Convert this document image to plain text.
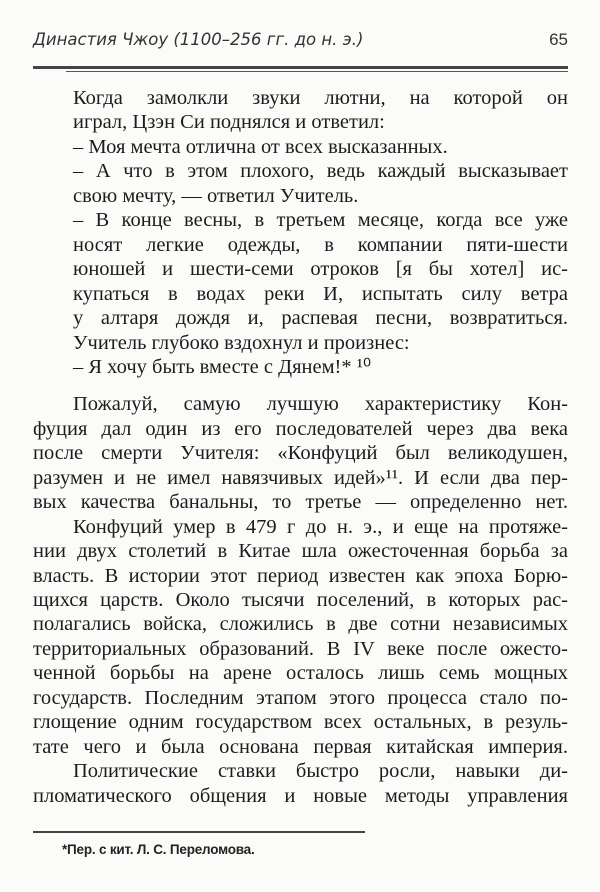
Династия Чжоу (1100–256 гг. до н. э.)	65
Когда замолкли звуки лютни, на которой он
играл, Цзэн Си поднялся и ответил:
– Моя мечта отлична от всех высказанных.
– А что в этом плохого, ведь каждый высказывает
свою мечту, — ответил Учитель.
– В конце весны, в третьем месяце, когда все уже
носят легкие одежды, в компании пяти-шести
юношей и шести-семи отроков [я бы хотел] ис-
купаться в водах реки И, испытать силу ветра
у алтаря дождя и, распевая песни, возвратиться.
Учитель глубоко вздохнул и произнес:
– Я хочу быть вместе с Дянем!* ¹⁰
Пожалуй, самую лучшую характеристику Кон-
фуция дал один из его последователей через два века
после смерти Учителя: «Конфуций был великодушен,
разумен и не имел навязчивых идей»¹¹. И если два пер-
вых качества банальны, то третье — определенно нет.
Конфуций умер в 479 г до н. э., и еще на протяже-
нии двух столетий в Китае шла ожесточенная борьба за
власть. В истории этот период известен как эпоха Борю-
щихся царств. Около тысячи поселений, в которых рас-
полагались войска, сложились в две сотни независимых
территориальных образований. В IV веке после ожесто-
ченной борьбы на арене осталось лишь семь мощных
государств. Последним этапом этого процесса стало по-
глощение одним государством всех остальных, в резуль-
тате чего и была основана первая китайская империя.
Политические ставки быстро росли, навыки ди-
пломатического общения и новые методы управления
*Пер. с кит. Л. С. Переломова.
